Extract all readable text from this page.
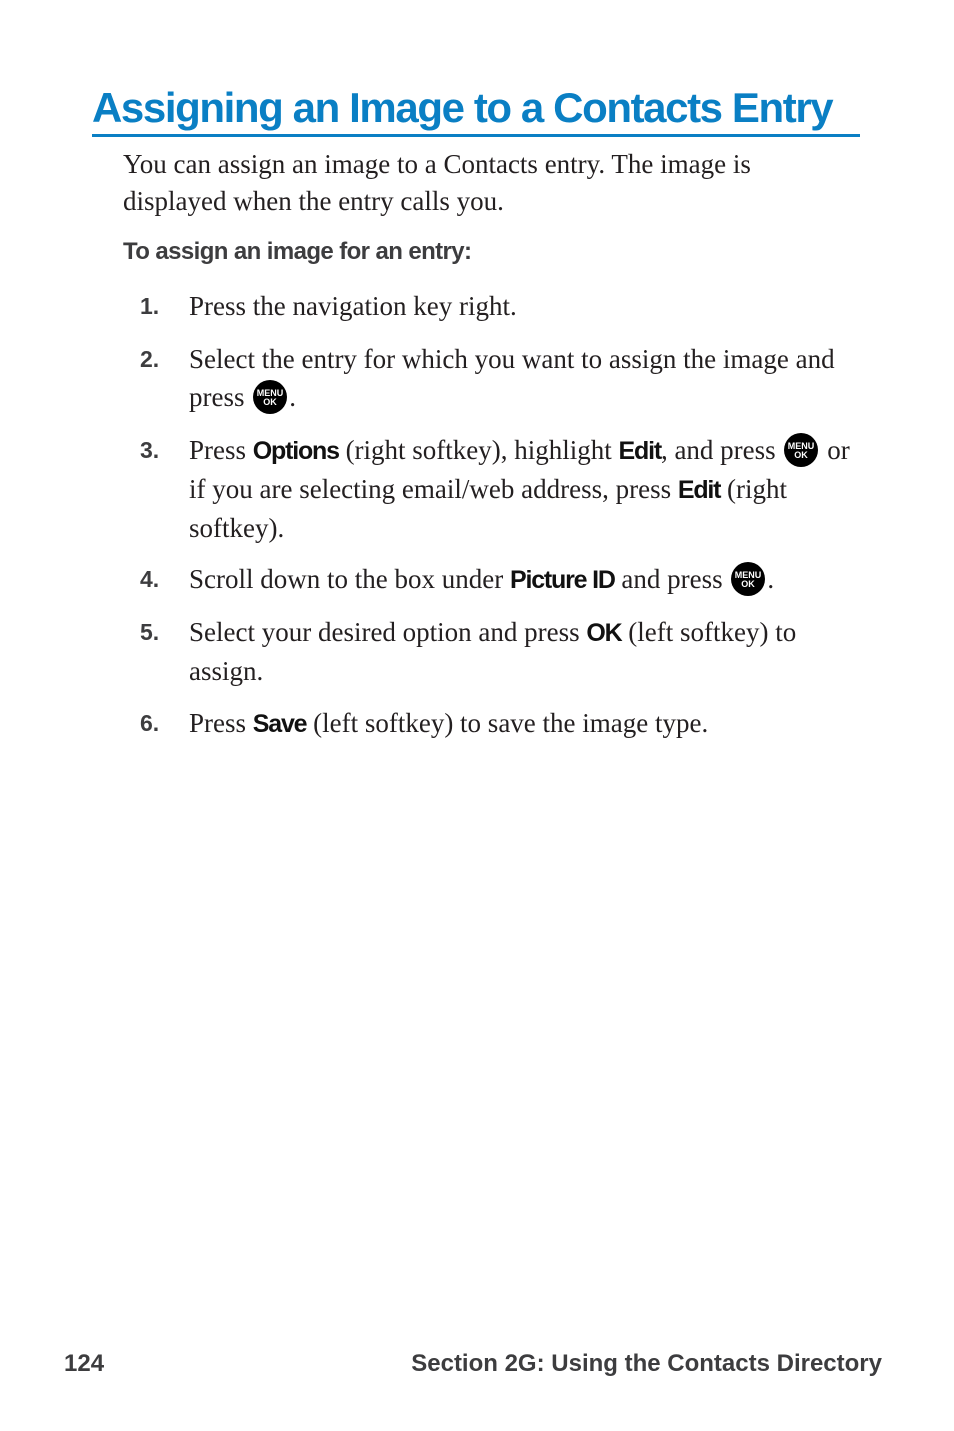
Assigning an Image to a Contacts Entry
You can assign an image to a Contacts entry. The image is displayed when the entry calls you.
To assign an image for an entry:
1.	Press the navigation key right.
2.	Select the entry for which you want to assign the image and press MENU
OK .
3.	Press Options (right softkey), highlight Edit, and press MENU
OK or if you are selecting email/web address, press Edit (right softkey).
4.	Scroll down to the box under Picture ID and press MENU
OK .
5.	Select your desired option and press OK (left softkey) to assign.
6.	Press Save (left softkey) to save the image type.
124	Section 2G: Using the Contacts Directory
